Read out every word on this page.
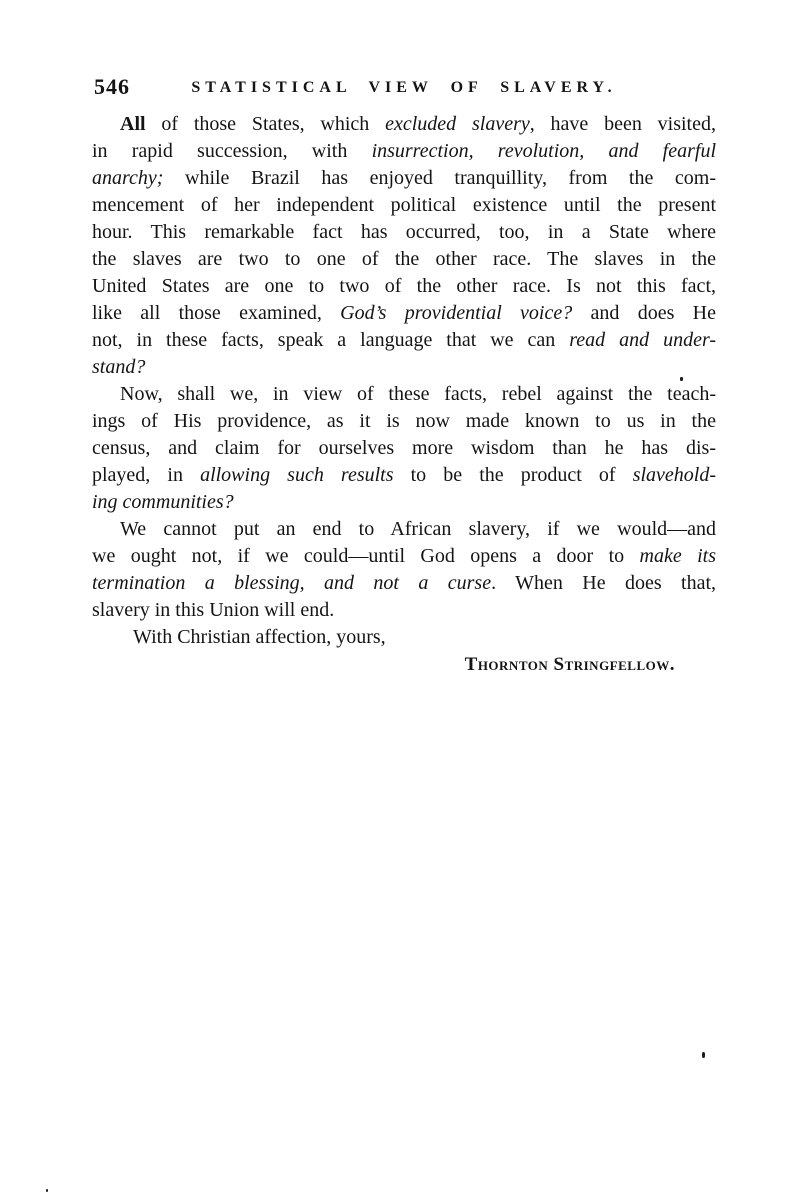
546	STATISTICAL VIEW OF SLAVERY.
All of those States, which excluded slavery, have been visited,
in rapid succession, with insurrection, revolution, and fearful
anarchy; while Brazil has enjoyed tranquillity, from the com-
mencement of her independent political existence until the present
hour. This remarkable fact has occurred, too, in a State where
the slaves are two to one of the other race. The slaves in the
United States are one to two of the other race. Is not this fact,
like all those examined, God’s providential voice? and does He
not, in these facts, speak a language that we can read and under-
stand?
Now, shall we, in view of these facts, rebel against the teach-
ings of His providence, as it is now made known to us in the
census, and claim for ourselves more wisdom than he has dis-
played, in allowing such results to be the product of slavehold-
ing communities?
We cannot put an end to African slavery, if we would—and
we ought not, if we could—until God opens a door to make its
termination a blessing, and not a curse. When He does that,
slavery in this Union will end.
With Christian affection, yours,
Thornton Stringfellow.
